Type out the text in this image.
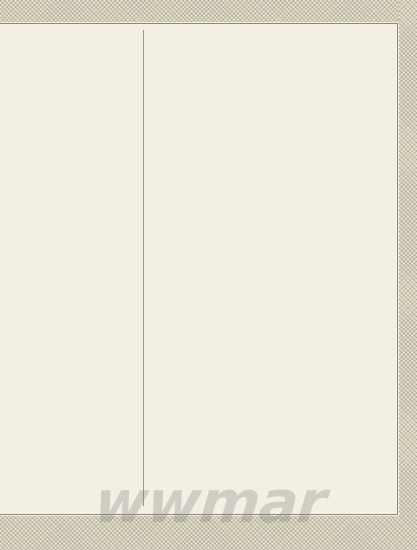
wwmar
